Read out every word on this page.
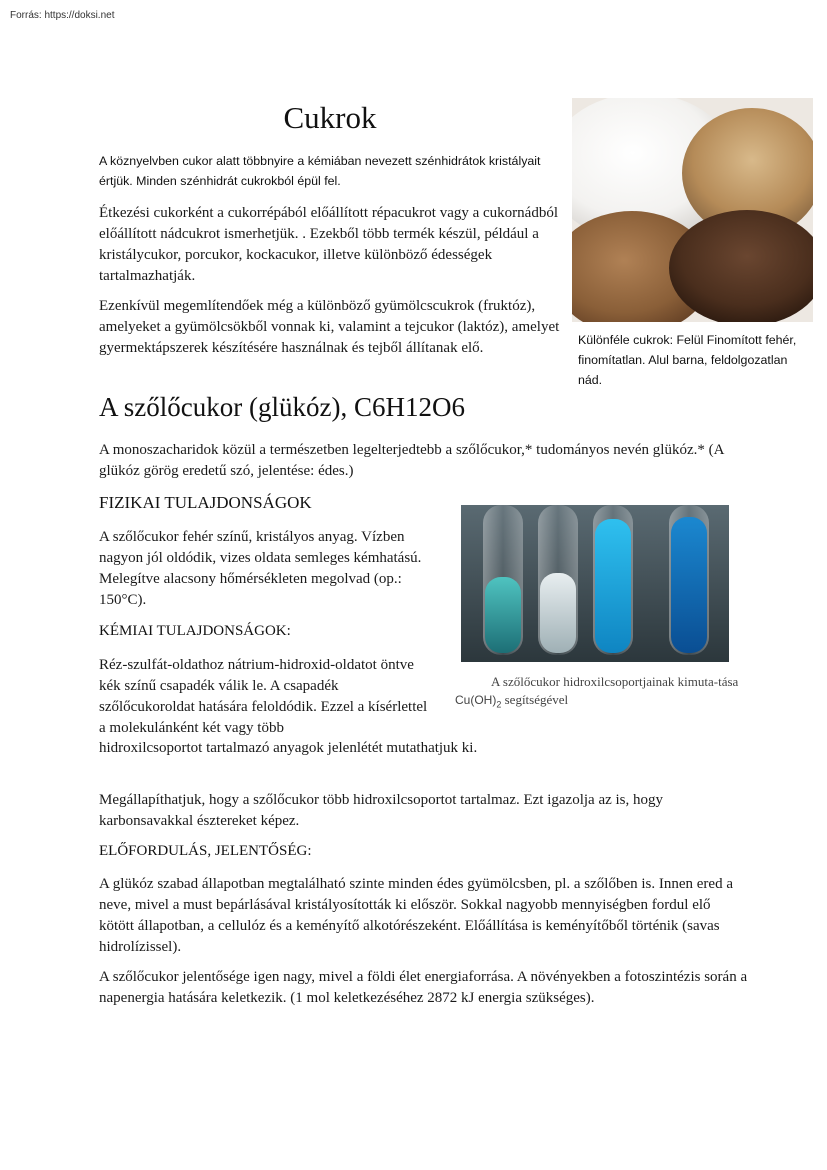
Forrás: https://doksi.net
Cukrok
A köznyelvben cukor alatt többnyire a kémiában nevezett szénhidrátok kristályait értjük. Minden szénhidrát cukrokból épül fel.
Étkezési cukorként a cukorrépából előállított répacukrot vagy a cukornádból előállított nádcukrot ismerhetjük. . Ezekből több termék készül, például a kristálycukor, porcukor, kockacukor, illetve különböző édességek tartalmazhatják.
Ezenkívül megemlítendőek még a különböző gyümölcscukrok (fruktóz), amelyeket a gyümölcsökből vonnak ki, valamint a tejcukor (laktóz), amelyet gyermektápszerek készítésére használnak és tejből állítanak elő.	Különféle cukrok: Felül Finomított fehér, finomítatlan. Alul barna, feldolgozatlan nád.
A szőlőcukor (glükóz), C6H12O6
A monoszacharidok közül a természetben legelterjedtebb a szőlőcukor,* tudományos nevén glükóz.* (A glükóz görög eredetű szó, jelentése: édes.)
FIZIKAI TULAJDONSÁGOK
A szőlőcukor fehér színű, kristályos anyag. Vízben nagyon jól oldódik, vizes oldata semleges kémhatású. Melegítve alacsony hőmérsékleten megolvad (op.: 150°C).
A szőlőcukor hidroxilcsoportjainak kimuta-tása $Cu(OH)_2$ segítségével
KÉMIAI TULAJDONSÁGOK:
Réz-szulfát-oldathoz nátrium-hidroxid-oldatot öntve kék színű csapadék válik le. A csapadék szőlőcukoroldat hatására feloldódik. Ezzel a kísérlettel a molekulánként két vagy több
hidroxilcsoportot tartalmazó anyagok jelenlétét mutathatjuk ki.
Megállapíthatjuk, hogy a szőlőcukor több hidroxilcsoportot tartalmaz. Ezt igazolja az is, hogy karbonsavakkal észtereket képez.
ELŐFORDULÁS, JELENTŐSÉG:
A glükóz szabad állapotban megtalálható szinte minden édes gyümölcsben, pl. a szőlőben is. Innen ered a neve, mivel a must bepárlásával kristályosították ki először. Sokkal nagyobb mennyiségben fordul elő kötött állapotban, a cellulóz és a keményítő alkotórészeként. Előállítása is keményítőből történik (savas hidrolízissel).
A szőlőcukor jelentősége igen nagy, mivel a földi élet energiaforrása. A növényekben a fotoszintézis során a napenergia hatására keletkezik. (1 mol keletkezéséhez 2872 kJ energia szükséges).
